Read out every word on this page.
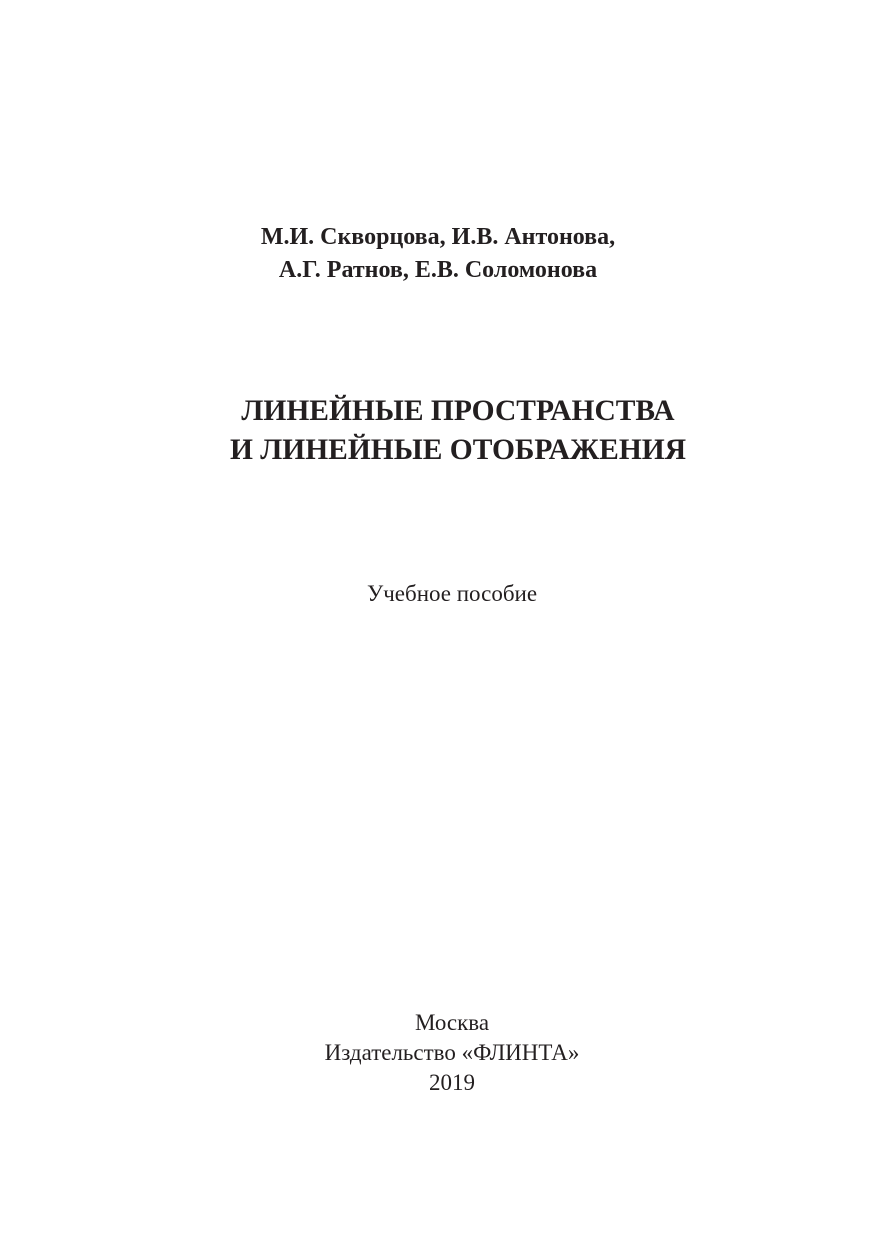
М.И. Скворцова, И.В. Антонова,
А.Г. Ратнов, Е.В. Соломонова
ЛИНЕЙНЫЕ ПРОСТРАНСТВА
И ЛИНЕЙНЫЕ ОТОБРАЖЕНИЯ
Учебное пособие
Москва
Издательство «ФЛИНТА»
2019
